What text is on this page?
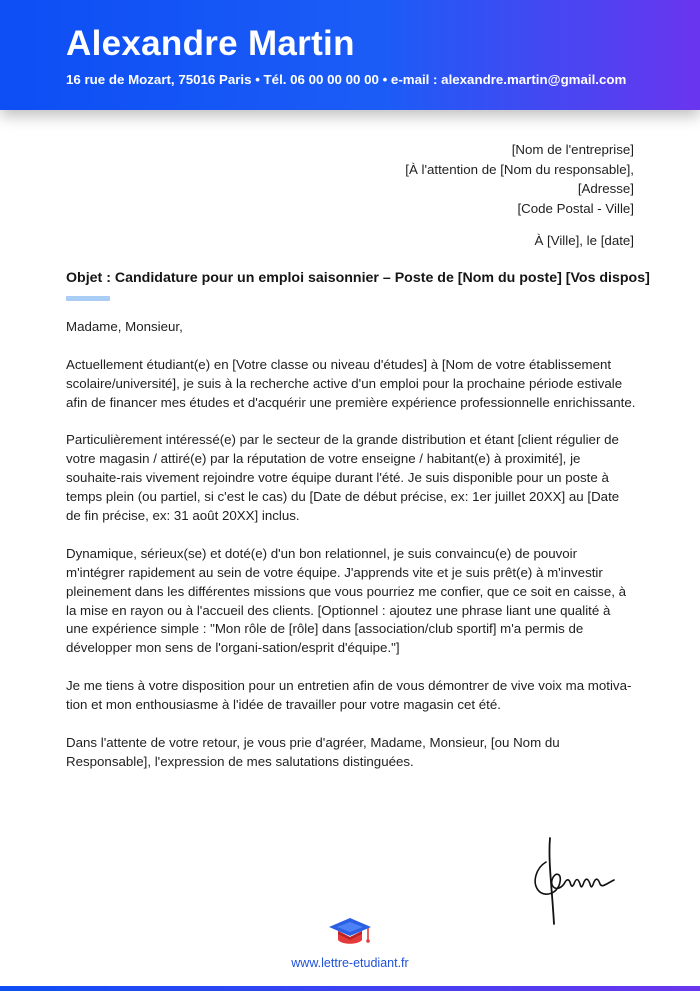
Alexandre Martin
16 rue de Mozart, 75016 Paris • Tél. 06 00 00 00 00 • e-mail : alexandre.martin@gmail.com
[Nom de l'entreprise]
[À l'attention de [Nom du responsable],
[Adresse]
[Code Postal - Ville]
À [Ville], le [date]
Objet : Candidature pour un emploi saisonnier – Poste de [Nom du poste] [Vos dispos]

Madame, Monsieur,

Actuellement étudiant(e) en [Votre classe ou niveau d'études] à [Nom de votre établissement scolaire/université], je suis à la recherche active d'un emploi pour la prochaine période estivale afin de financer mes études et d'acquérir une première expérience professionnelle enrichissante.

Particulièrement intéressé(e) par le secteur de la grande distribution et étant [client régulier de votre magasin / attiré(e) par la réputation de votre enseigne / habitant(e) à proximité], je souhaite-rais vivement rejoindre votre équipe durant l'été. Je suis disponible pour un poste à temps plein (ou partiel, si c'est le cas) du [Date de début précise, ex: 1er juillet 20XX] au [Date de fin précise, ex: 31 août 20XX] inclus.

Dynamique, sérieux(se) et doté(e) d'un bon relationnel, je suis convaincu(e) de pouvoir m'intégrer rapidement au sein de votre équipe. J'apprends vite et je suis prêt(e) à m'investir pleinement dans les différentes missions que vous pourriez me confier, que ce soit en caisse, à la mise en rayon ou à l'accueil des clients. [Optionnel : ajoutez une phrase liant une qualité à une expérience simple : "Mon rôle de [rôle] dans [association/club sportif] m'a permis de développer mon sens de l'organi-sation/esprit d'équipe."]

Je me tiens à votre disposition pour un entretien afin de vous démontrer de vive voix ma motiva-tion et mon enthousiasme à l'idée de travailler pour votre magasin cet été.

Dans l'attente de votre retour, je vous prie d'agréer, Madame, Monsieur, [ou Nom du Responsable], l'expression de mes salutations distinguées.

www.lettre-etudiant.fr
